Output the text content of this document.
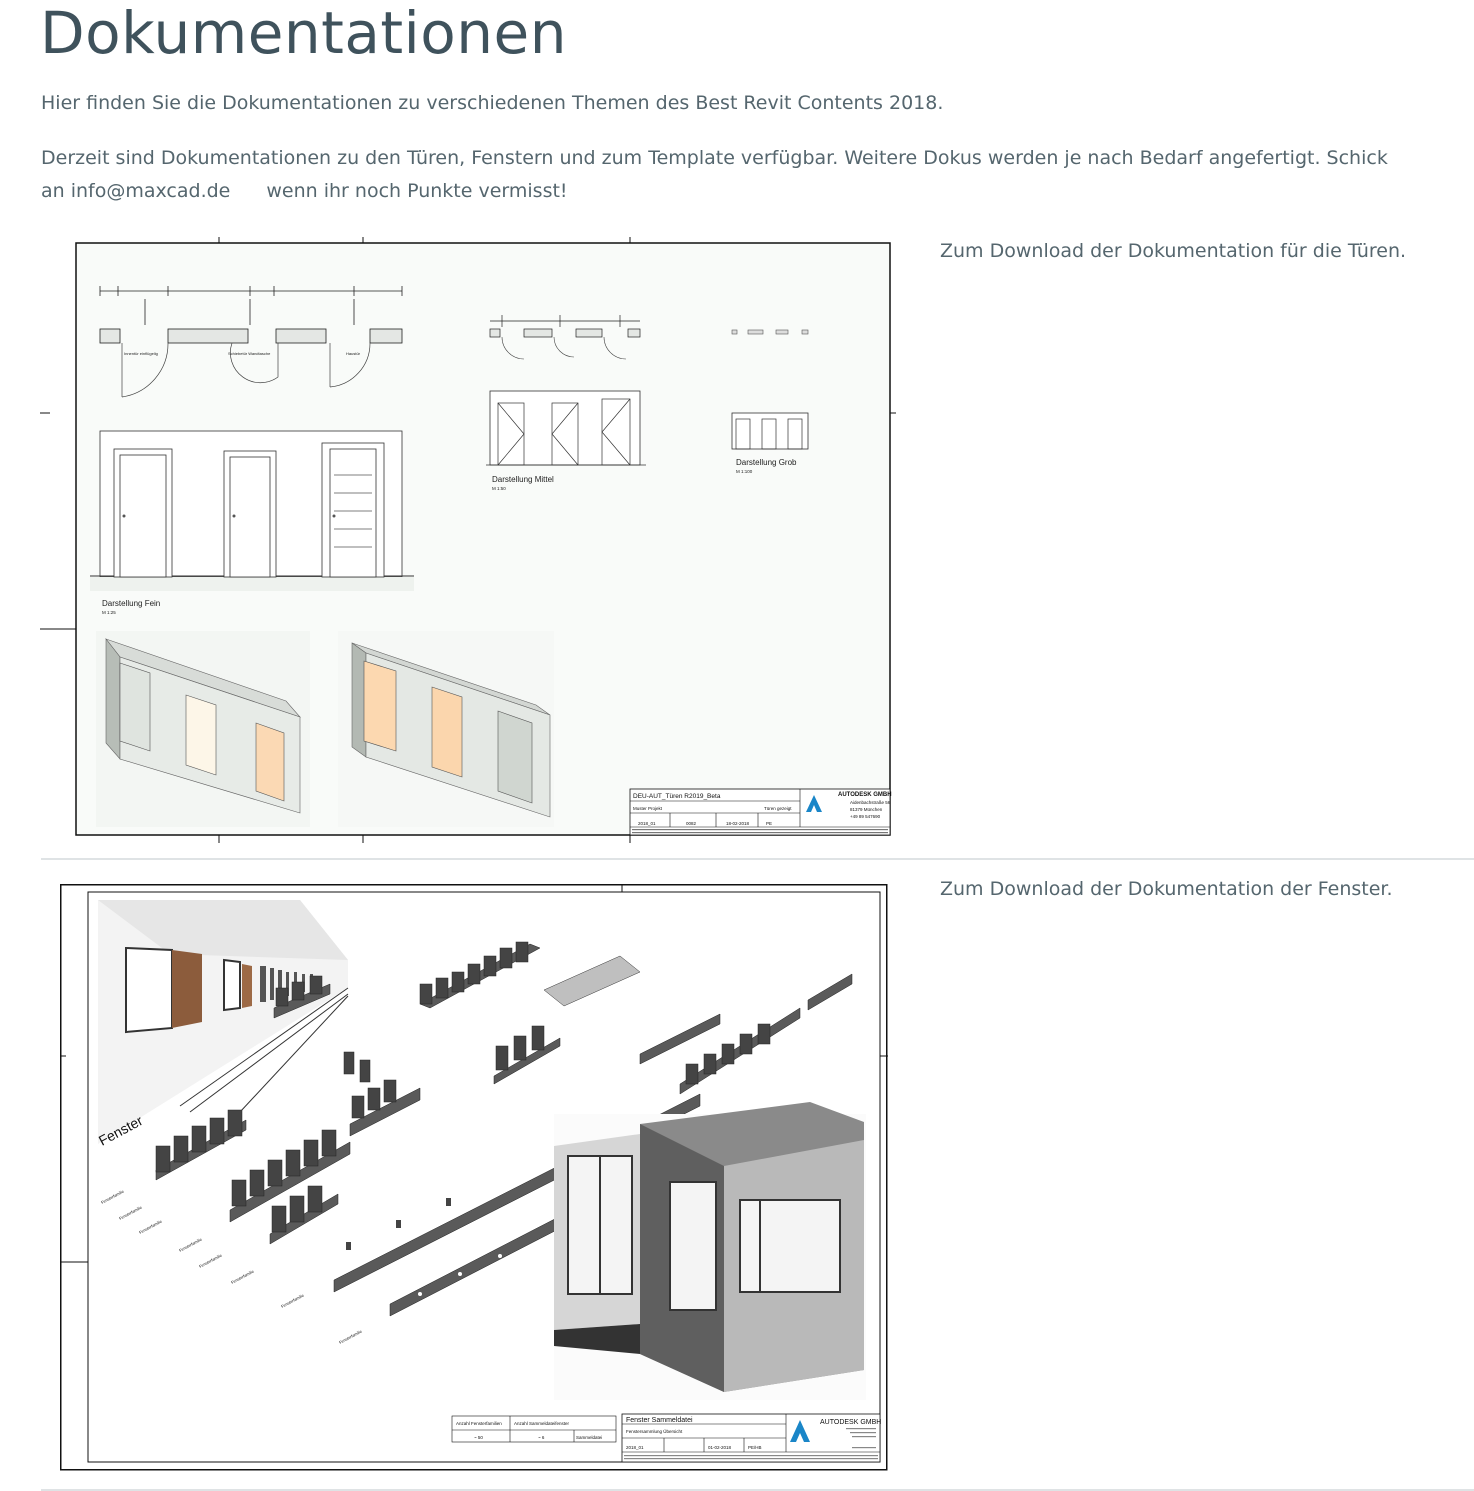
Dokumentationen

Hier finden Sie die Dokumentationen zu verschiedenen Themen des Best Revit Contents 2018.

Derzeit sind Dokumentationen zu den Türen, Fenstern und zum Template verfügbar. Weitere Dokus werden je nach Bedarf angefertigt. Schick

an info@maxcad.de wenn ihr noch Punkte vermisst!

Innentür einflügelig	Schiebetür Wandtasche	Haustür
Darstellung Mittel
M 1:50
Darstellung Grob
M 1:100
Darstellung Fein
M 1:25
DEU-AUT_Türen R2019_Beta
Muster Projekt	Türen gezeigt
2018_01	0082	18-02-2018	PE
AUTODESK GMBH
Aidenbachstraße 56
81379 München
+49 89 547690
Zum Download der Dokumentation für die Türen.
Fenster
Fensterfamilie
Fensterfamilie
Fensterfamilie
Fensterfamilie
Fensterfamilie
Fensterfamilie
Fensterfamilie
Fensterfamilie
Anzahl Fensterfamilien	Anzahl Sammeldateifenster
~ 50	~ 6	Sammeldatei
Fenster Sammeldatei
Fenstersammlung Übersicht
2018_01	01-02-2018	PE/HB
AUTODESK GMBH
Zum Download der Dokumentation der Fenster.
